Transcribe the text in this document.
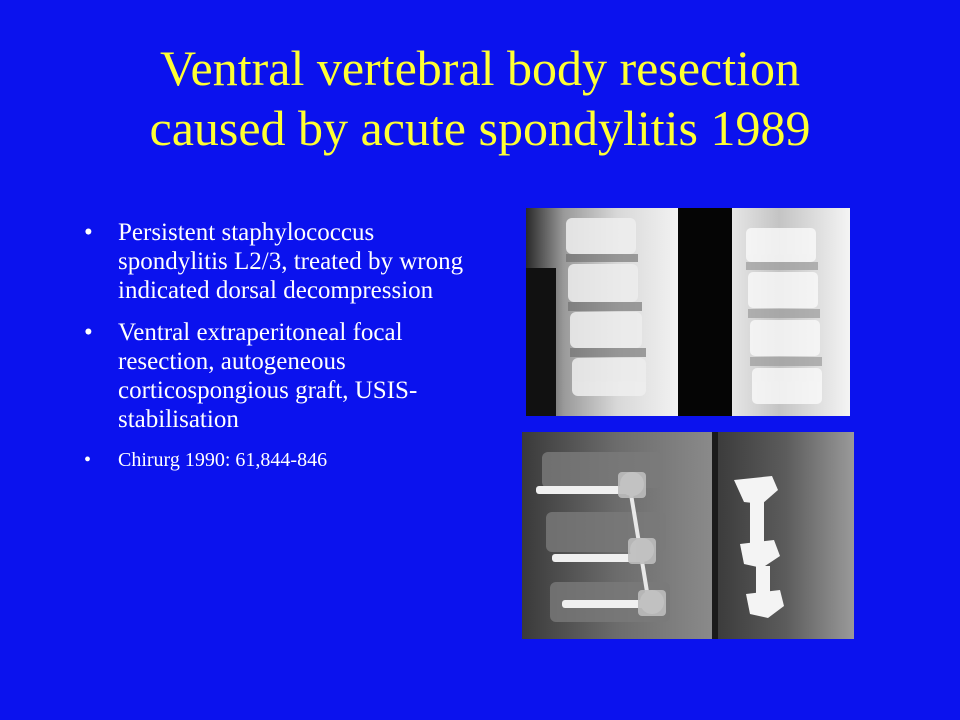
Ventral vertebral body resection
caused by acute spondylitis 1989
• Persistent staphylococcus spondylitis L2/3, treated by wrong indicated dorsal decompression
• Ventral extraperitoneal focal resection, autogeneous corticospongious graft, USIS-stabilisation
• Chirurg 1990: 61,844-846
